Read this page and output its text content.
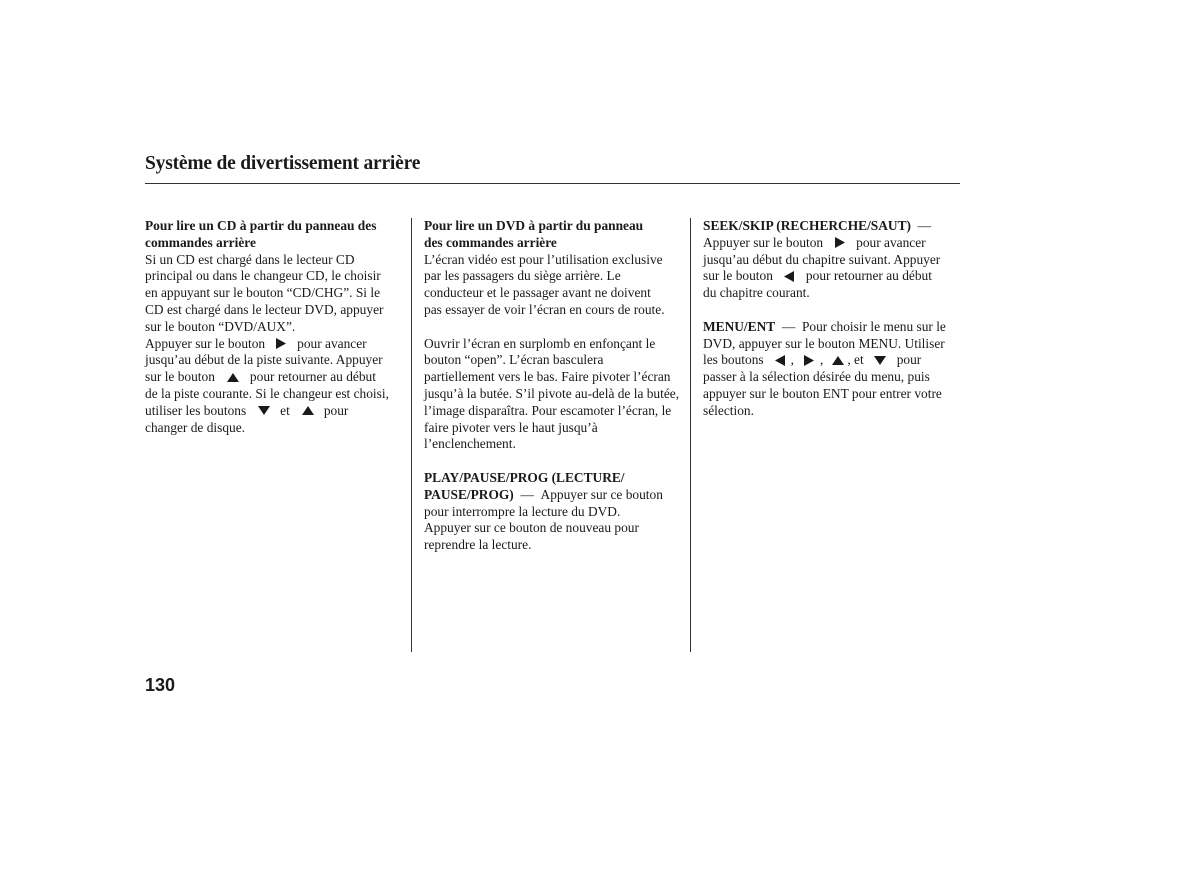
Système de divertissement arrière
Pour lire un CD à partir du panneau des
commandes arrière
Si un CD est chargé dans le lecteur CD
principal ou dans le changeur CD, le choisir
en appuyant sur le bouton “CD/CHG”. Si le
CD est chargé dans le lecteur DVD, appuyer
sur le bouton “DVD/AUX”.
Appuyer sur le bouton pour avancer
jusqu’au début de la piste suivante. Appuyer
sur le bouton	pour retourner au début
de la piste courante. Si le changeur est choisi,
utiliser les boutons	et	pour
changer de disque.
Pour lire un DVD à partir du panneau
des commandes arrière
L’écran vidéo est pour l’utilisation exclusive
par les passagers du siège arrière. Le
conducteur et le passager avant ne doivent
pas essayer de voir l’écran en cours de route.
Ouvrir l’écran en surplomb en enfonçant le
bouton “open”. L’écran basculera
partiellement vers le bas. Faire pivoter l’écran
jusqu’à la butée. S’il pivote au-delà de la butée,
l’image disparaîtra. Pour escamoter l’écran, le
faire pivoter vers le haut jusqu’à
l’enclenchement.
PLAY/PAUSE/PROG (LECTURE/
PAUSE/PROG) — Appuyer sur ce bouton
pour interrompre la lecture du DVD.
Appuyer sur ce bouton de nouveau pour
reprendre la lecture.
SEEK/SKIP (RECHERCHE/SAUT) —
Appuyer sur le bouton pour avancer
jusqu’au début du chapitre suivant. Appuyer
sur le bouton pour retourner au début
du chapitre courant.
MENU/ENT — Pour choisir le menu sur le
DVD, appuyer sur le bouton MENU. Utiliser
les boutons , , , et pour
passer à la sélection désirée du menu, puis
appuyer sur le bouton ENT pour entrer votre
sélection.
130
